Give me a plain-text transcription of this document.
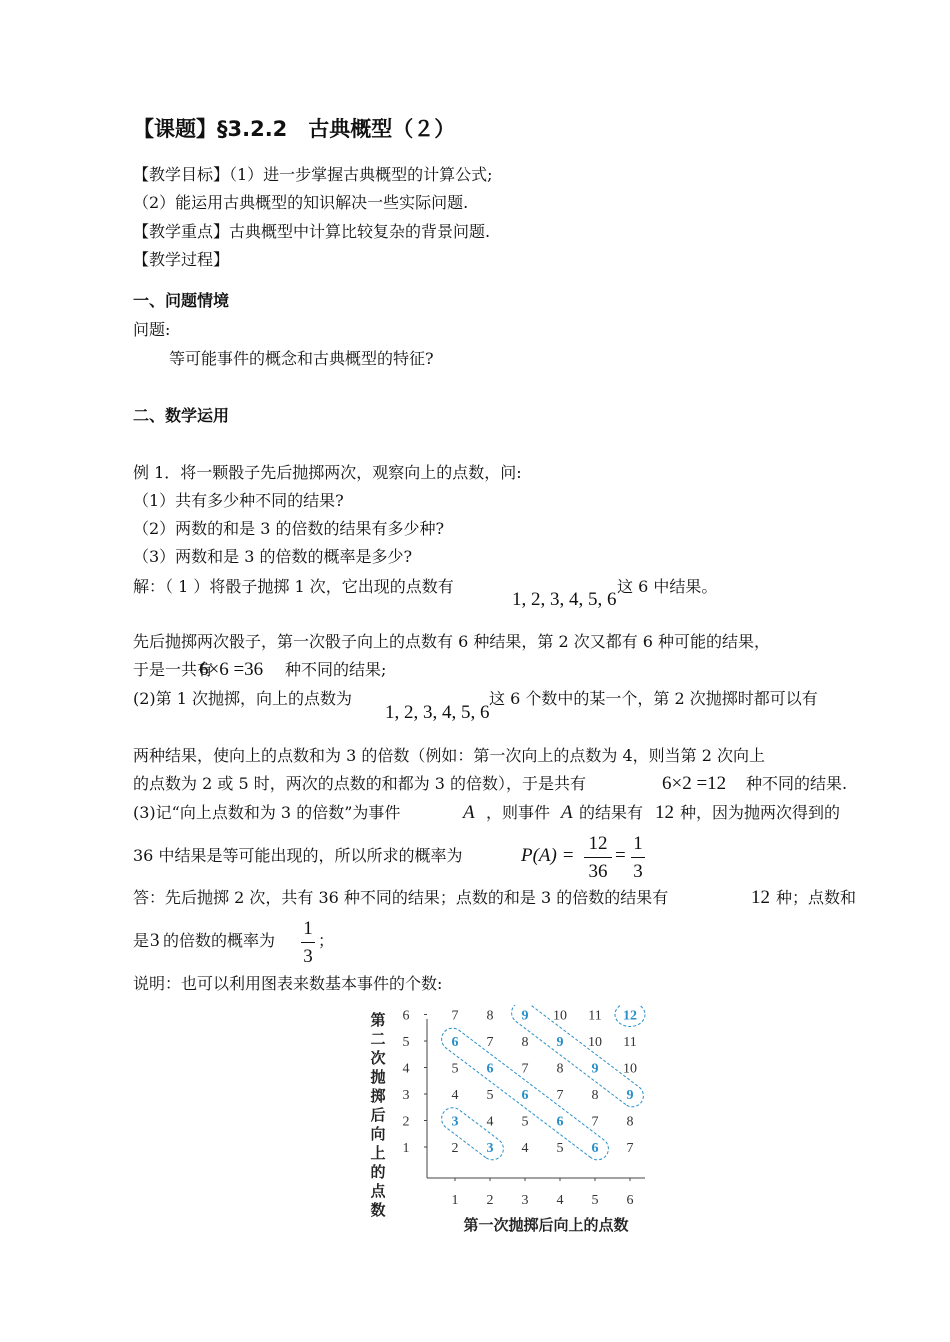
【课题】§3.2.2　古典概型（２）
【教学目标】（1）进一步掌握古典概型的计算公式;
（2）能运用古典概型的知识解决一些实际问题.
【教学重点】古典概型中计算比较复杂的背景问题.
【教学过程】
一、问题情境
问题:
等可能事件的概念和古典概型的特征?
二、数学运用
例 1．将一颗骰子先后抛掷两次，观察向上的点数，问:
（1）共有多少种不同的结果?
（2）两数的和是 3 的倍数的结果有多少种?
（3）两数和是 3 的倍数的概率是多少?
解：（ 1 ）将骰子抛掷 1 次，它出现的点数有
1, 2, 3, 4, 5, 6
这 6 中结果。
先后抛掷两次骰子，第一次骰子向上的点数有 6 种结果，第 2 次又都有 6 种可能的结果，
于是一共有
6×6 =36 种不同的结果;
(2)第 1 次抛掷，向上的点数为
1, 2, 3, 4, 5, 6
这 6 个数中的某一个，第 2 次抛掷时都可以有
两种结果，使向上的点数和为 3 的倍数（例如：第一次向上的点数为 4，则当第 2 次向上
的点数为 2 或 5 时，两次的点数的和都为 3 的倍数），于是共有	6×2 =12 种不同的结果.
(3)记“向上点数和为 3 的倍数”为事件	A ，则事件 A 的结果有 12 种，因为抛两次得到的
36 中结果是等可能出现的，所以所求的概率为	P(A) =
12
36
=
1
3
答：先后抛掷 2 次，共有 36 种不同的结果；点数的和是 3 的倍数的结果有	12 种；点数和
是 3 的倍数的概率为
1
3
；
说明：也可以利用图表来数基本事件的个数:
1
2
3
4
5
6
1 2 3 4 5 6
2 3 4 5 6 7
3 4 5 6 7 8
4 5 6 7 8 9
5 6 7 8 9 10
6 7 8 9 10 11
7 8 9 10 11 12
第
二
次
抛
掷
后
向
上
的
点
数
第一次抛掷后向上的点数
